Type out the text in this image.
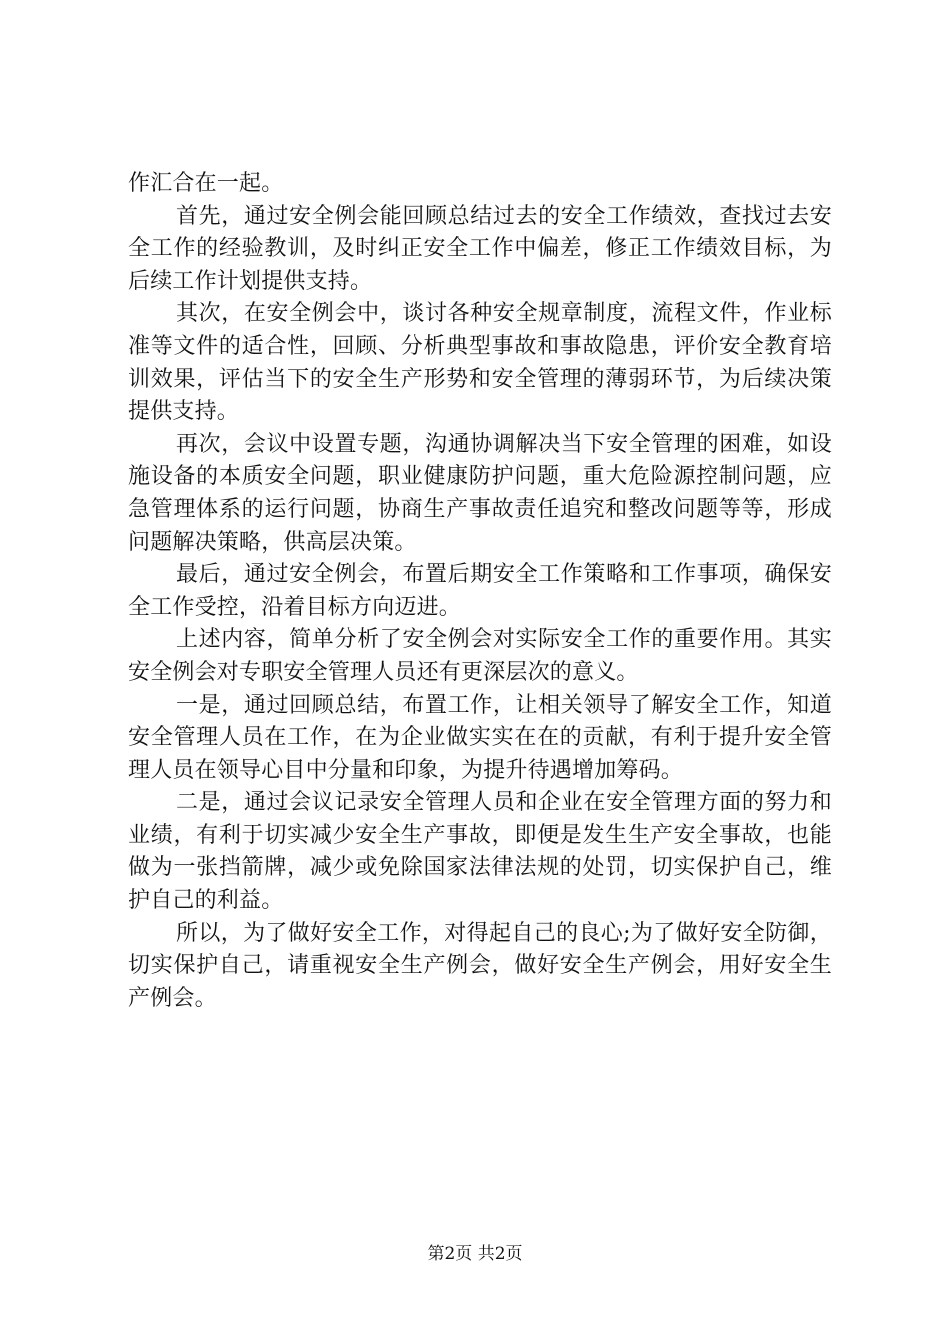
作汇合在一起。

首先，通过安全例会能回顾总结过去的安全工作绩效，查找过去安全工作的经验教训，及时纠正安全工作中偏差，修正工作绩效目标，为后续工作计划提供支持。

其次，在安全例会中，谈讨各种安全规章制度，流程文件，作业标准等文件的适合性，回顾、分析典型事故和事故隐患，评价安全教育培训效果，评估当下的安全生产形势和安全管理的薄弱环节，为后续决策提供支持。

再次，会议中设置专题，沟通协调解决当下安全管理的困难，如设施设备的本质安全问题，职业健康防护问题，重大危险源控制问题，应急管理体系的运行问题，协商生产事故责任追究和整改问题等等，形成问题解决策略，供高层决策。

最后，通过安全例会，布置后期安全工作策略和工作事项，确保安全工作受控，沿着目标方向迈进。

上述内容，简单分析了安全例会对实际安全工作的重要作用。其实安全例会对专职安全管理人员还有更深层次的意义。

一是，通过回顾总结，布置工作，让相关领导了解安全工作，知道安全管理人员在工作，在为企业做实实在在的贡献，有利于提升安全管理人员在领导心目中分量和印象，为提升待遇增加筹码。

二是，通过会议记录安全管理人员和企业在安全管理方面的努力和业绩，有利于切实减少安全生产事故，即便是发生生产安全事故，也能做为一张挡箭牌，减少或免除国家法律法规的处罚，切实保护自己，维护自己的利益。

所以，为了做好安全工作，对得起自己的良心;为了做好安全防御，切实保护自己，请重视安全生产例会，做好安全生产例会，用好安全生产例会。

第2页 共2页
